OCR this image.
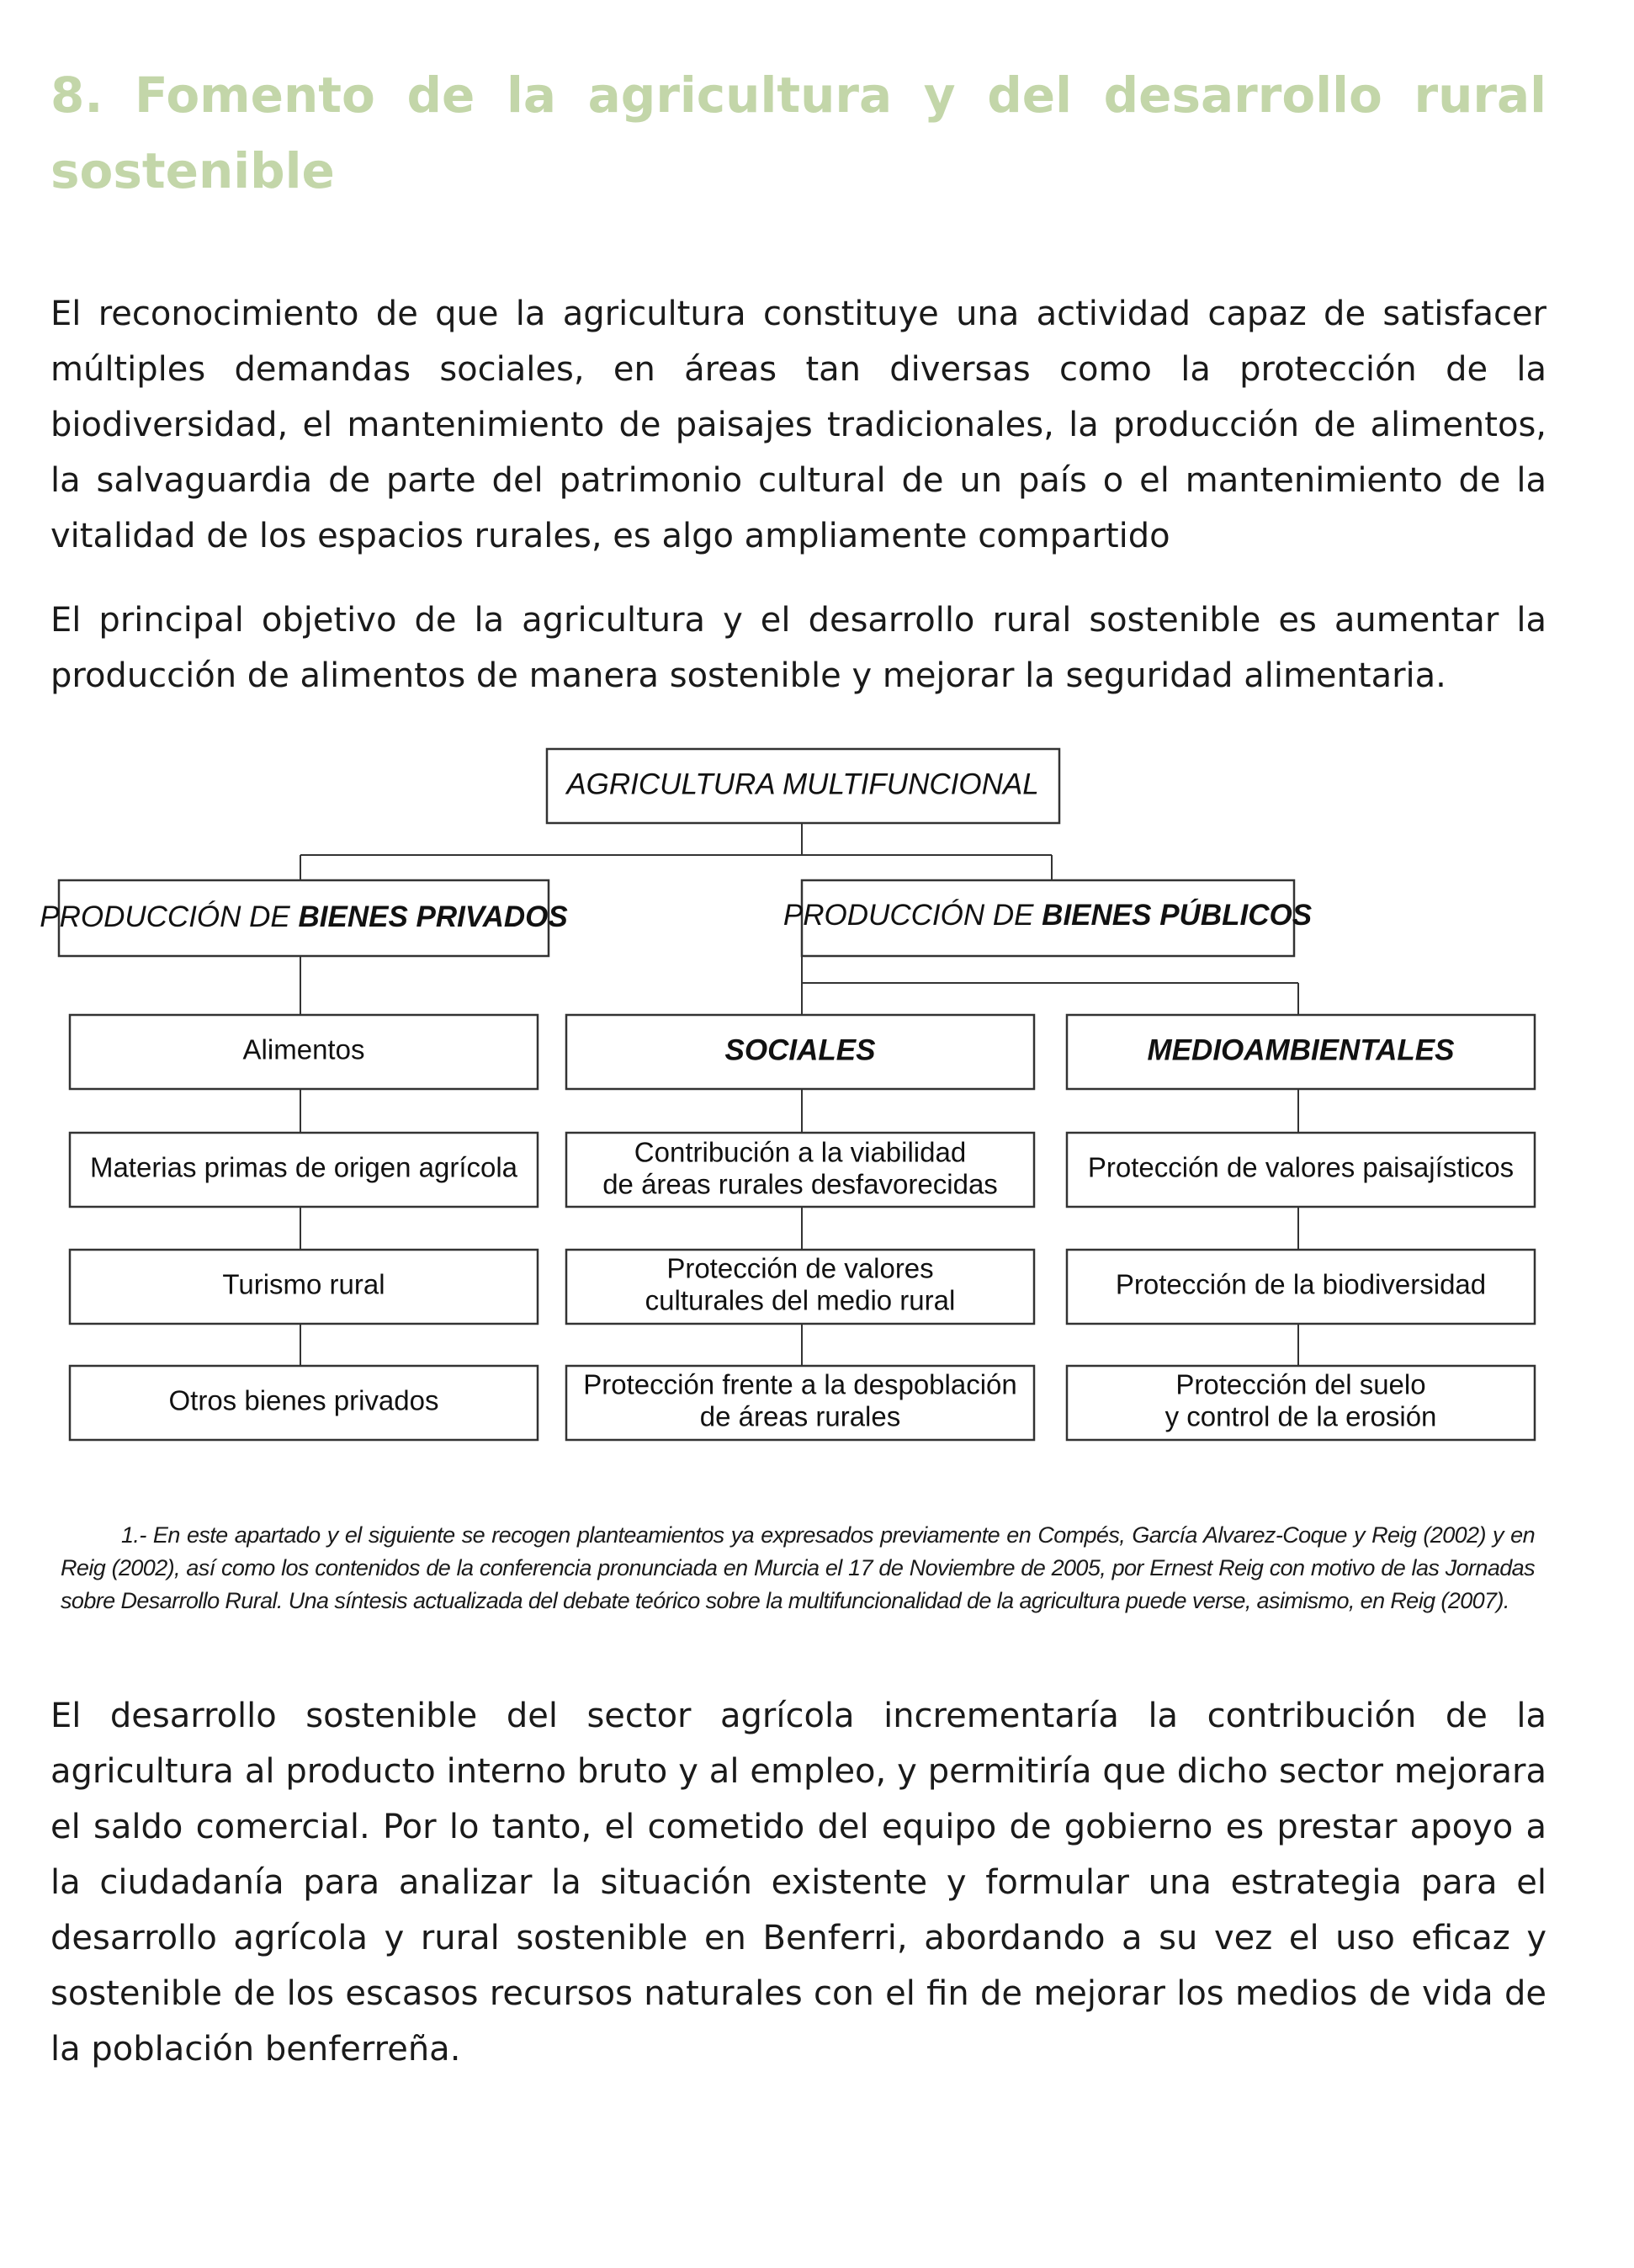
8. Fomento de la agricultura y del desarrollo rural sostenible

El reconocimiento de que la agricultura constituye una actividad capaz de satisfacer múltiples demandas sociales, en áreas tan diversas como la protección de la biodiversidad, el mantenimiento de paisajes tradicionales, la producción de alimentos, la salvaguardia de parte del patrimonio cultural de un país o el mantenimiento de la vitalidad de los espacios rurales, es algo ampliamente compartido

El principal objetivo de la agricultura y el desarrollo rural sostenible es aumentar la producción de alimentos de manera sostenible y mejorar la seguridad alimentaria.

AGRICULTURA MULTIFUNCIONAL
PRODUCCIÓN DE BIENES PRIVADOS	PRODUCCIÓN DE BIENES PÚBLICOS
Alimentos
Materias primas de origen agrícola
Turismo rural
Otros bienes privados
SOCIALES
Contribución a la viabilidad
de áreas rurales desfavorecidas
Protección de valores
culturales del medio rural
Protección frente a la despoblación
de áreas rurales
MEDIOAMBIENTALES
Protección de valores paisajísticos
Protección de la biodiversidad
Protección del suelo
y control de la erosión

1.- En este apartado y el siguiente se recogen planteamientos ya expresados previamente en Compés, García Alvarez-Coque y Reig (2002) y en Reig (2002), así como los contenidos de la conferencia pronunciada en Murcia el 17 de Noviembre de 2005, por Ernest Reig con motivo de las Jornadas sobre Desarrollo Rural. Una síntesis actualizada del debate teórico sobre la multifuncionalidad de la agricultura puede verse, asimismo, en Reig (2007).

El desarrollo sostenible del sector agrícola incrementaría la contribución de la agricultura al producto interno bruto y al empleo, y permitiría que dicho sector mejorara el saldo comercial. Por lo tanto, el cometido del equipo de gobierno es prestar apoyo a la ciudadanía para analizar la situación existente y formular una estrategia para el desarrollo agrícola y rural sostenible en Benferri, abordando a su vez el uso eficaz y sostenible de los escasos recursos naturales con el fin de mejorar los medios de vida de la población benferreña.
